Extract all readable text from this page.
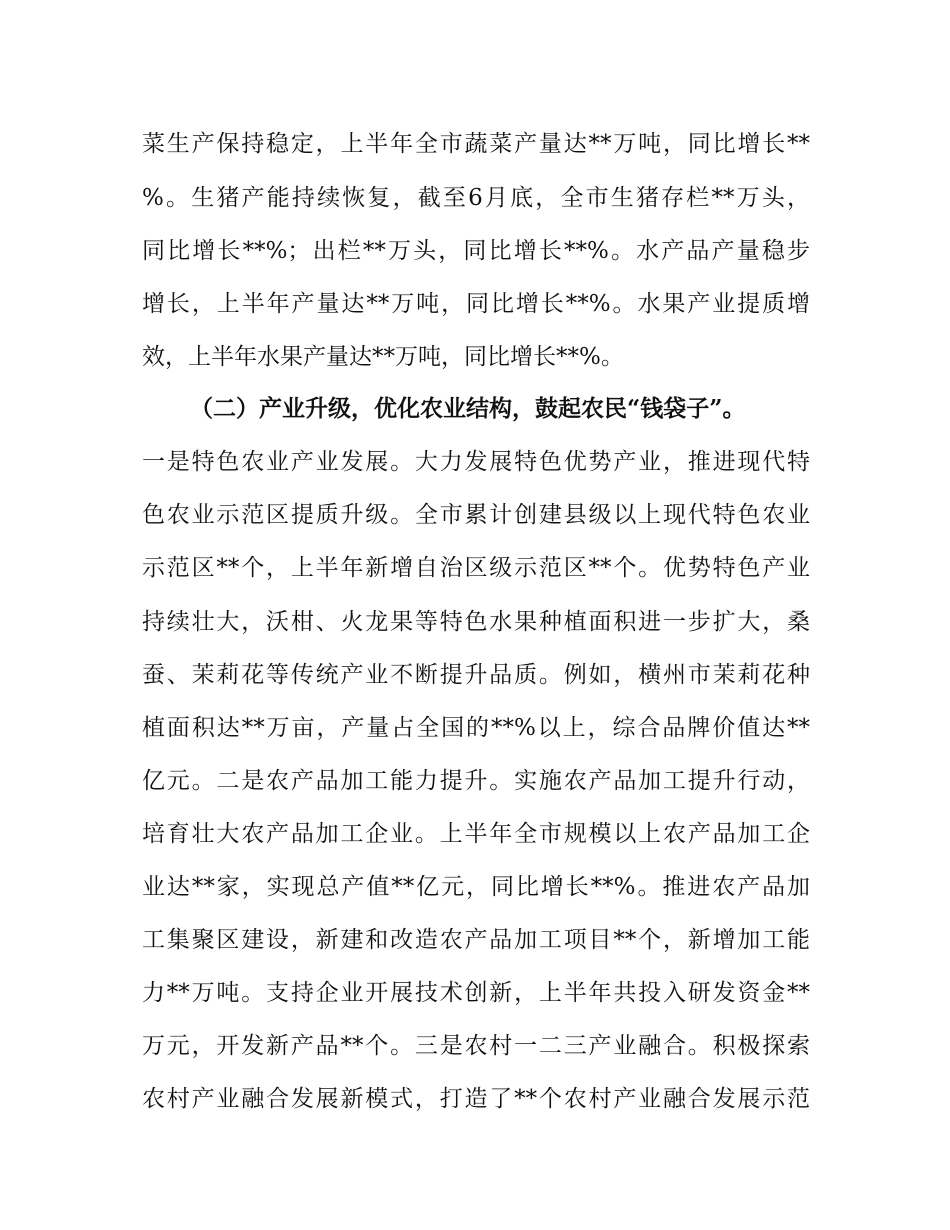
菜生产保持稳定，上半年全市蔬菜产量达**万吨，同比增长**
%。生猪产能持续恢复，截至6月底，全市生猪存栏**万头，
同比增长**%；出栏**万头，同比增长**%。水产品产量稳步
增长，上半年产量达**万吨，同比增长**%。水果产业提质增
效，上半年水果产量达**万吨，同比增长**%。
（二）产业升级，优化农业结构，鼓起农民“钱袋子”。
一是特色农业产业发展。大力发展特色优势产业，推进现代特
色农业示范区提质升级。全市累计创建县级以上现代特色农业
示范区**个，上半年新增自治区级示范区**个。优势特色产业
持续壮大，沃柑、火龙果等特色水果种植面积进一步扩大，桑
蚕、茉莉花等传统产业不断提升品质。例如，横州市茉莉花种
植面积达**万亩，产量占全国的**%以上，综合品牌价值达**
亿元。二是农产品加工能力提升。实施农产品加工提升行动，
培育壮大农产品加工企业。上半年全市规模以上农产品加工企
业达**家，实现总产值**亿元，同比增长**%。推进农产品加
工集聚区建设，新建和改造农产品加工项目**个，新增加工能
力**万吨。支持企业开展技术创新，上半年共投入研发资金**
万元，开发新产品**个。三是农村一二三产业融合。积极探索
农村产业融合发展新模式，打造了**个农村产业融合发展示范
